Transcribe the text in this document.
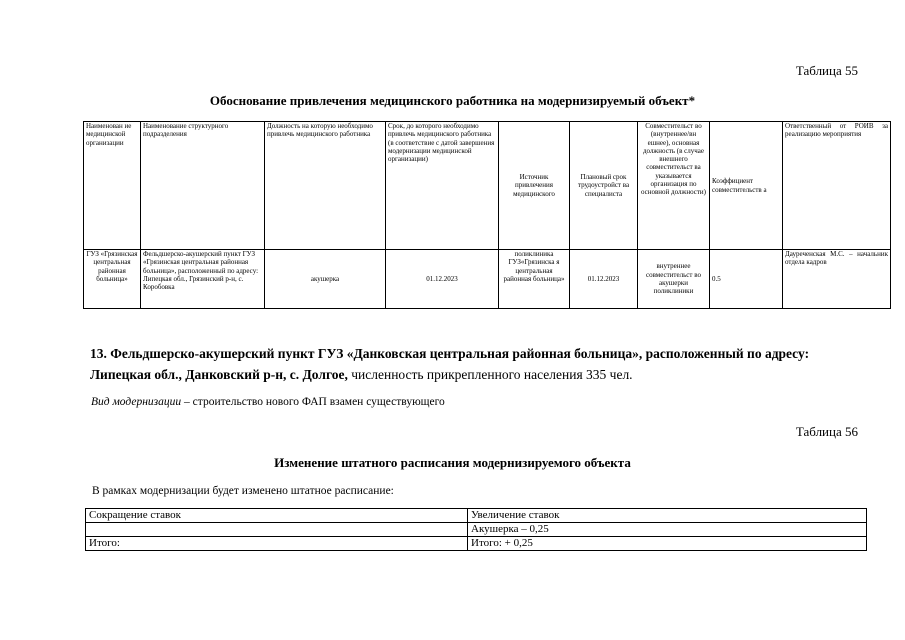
Таблица 55
Обоснование привлечения медицинского работника на модернизируемый объект*
Наименован ие медицинской организации	Наименование структурного подразделения	Должность на которую необходимо привлечь медицинского работника	Срок, до которого необходимо привлечь медицинского работника (в соответствие с датой завершения модернизации медицинской организации)	Источник привлечения медицинского	Плановый срок трудоустройст ва специалиста	Совместительст во (внутреннее/вн ешнее), основная должность (в случае внешнего совместительст ва указывается организация по основной должности)	Коэффициент совместительств а	Ответственный от РОИВ за реализацию мероприятия
ГУЗ «Грязинская центральная районная больница»	Фельдшерско-акушерский пункт ГУЗ «Грязинская центральная районная больница», расположенный по адресу: Липецкая обл., Грязинский р-н, с. Коробовка	акушерка	01.12.2023	поликлиника ГУЗ«Грязинска я центральная районная больница»	01.12.2023	внутреннее совместительст во акушерки поликлиники	0.5	Дауреченская М.С. – начальник отдела кадров
13. Фельдшерско-акушерский пункт ГУЗ «Данковская центральная районная больница», расположенный по адресу: Липецкая обл., Данковский р-н, с. Долгое, численность прикрепленного населения 335 чел.
Вид модернизации – строительство нового ФАП взамен существующего
Таблица 56
Изменение штатного расписания модернизируемого объекта
В рамках модернизации будет изменено штатное расписание:
Сокращение ставок	Увеличение ставок
	Акушерка – 0,25
Итого:	Итого: + 0,25
